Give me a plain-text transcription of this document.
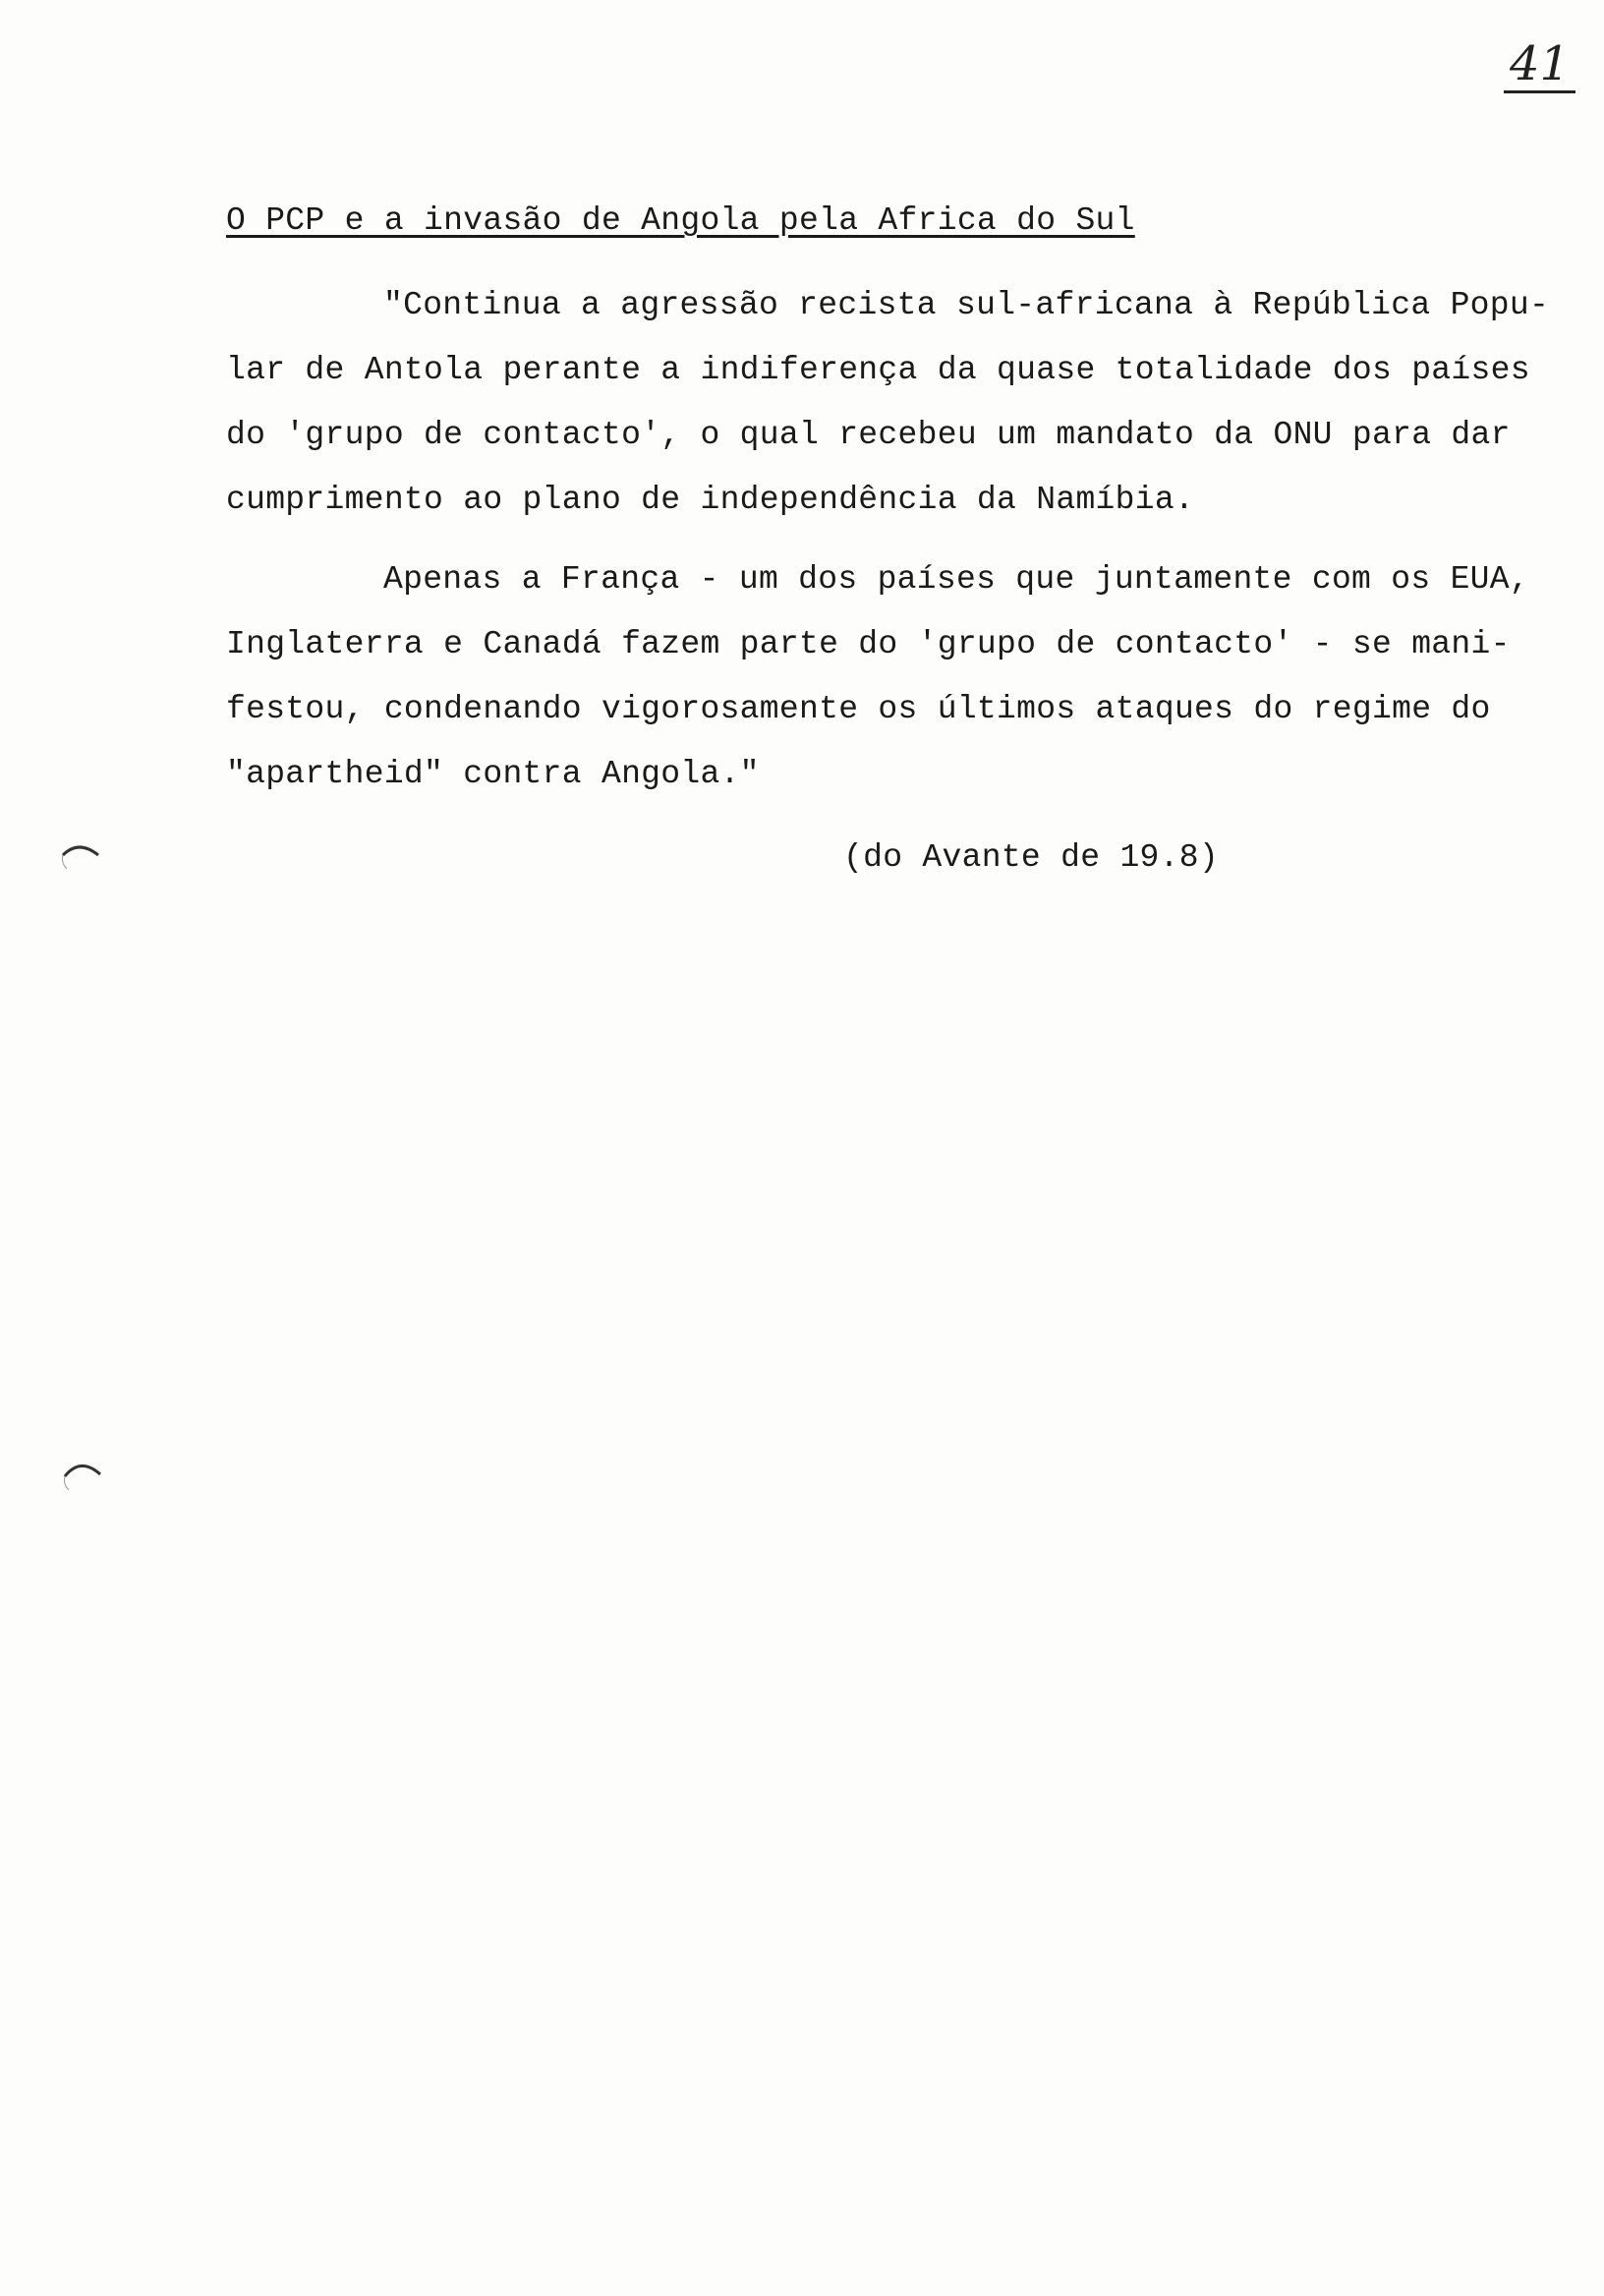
41
O PCP e a invasão de Angola pela Africa do Sul
"Continua a agressão recista sul-africana à República Popu-
lar de Antola perante a indiferença da quase totalidade dos países
do 'grupo de contacto', o qual recebeu um mandato da ONU para dar
cumprimento ao plano de independência da Namíbia.
Apenas a França - um dos países que juntamente com os EUA,
Inglaterra e Canadá fazem parte do 'grupo de contacto' - se mani-
festou, condenando vigorosamente os últimos ataques do regime do
"apartheid" contra Angola."
(do Avante de 19.8)
